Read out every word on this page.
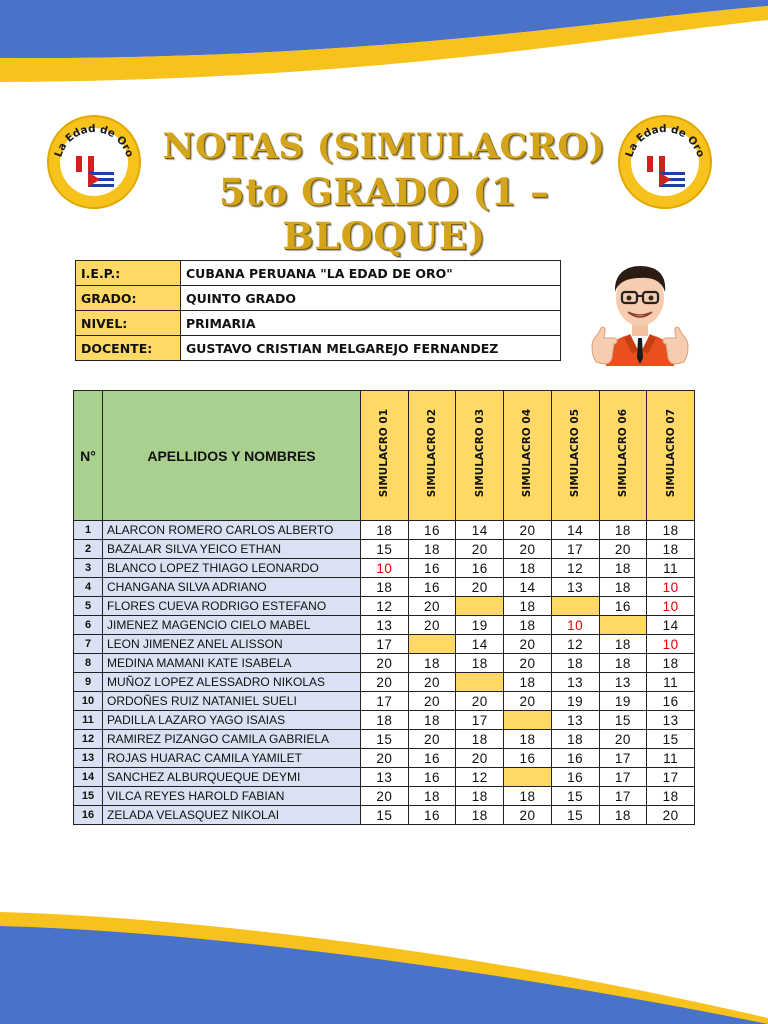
La Edad de Oro	La Edad de Oro
NOTAS (SIMULACRO)
5to GRADO (1 – BLOQUE)
I.E.P.:	CUBANA PERUANA "LA EDAD DE ORO"
GRADO:	QUINTO GRADO
NIVEL:	PRIMARIA
DOCENTE:	GUSTAVO CRISTIAN MELGAREJO FERNANDEZ
N°	APELLIDOS Y NOMBRES	SIMULACRO 01	SIMULACRO 02	SIMULACRO 03	SIMULACRO 04	SIMULACRO 05	SIMULACRO 06	SIMULACRO 07
1	ALARCON ROMERO CARLOS ALBERTO	18	16	14	20	14	18	18
2	BAZALAR SILVA YEICO ETHAN	15	18	20	20	17	20	18
3	BLANCO LOPEZ THIAGO LEONARDO	10	16	16	18	12	18	11
4	CHANGANA SILVA ADRIANO	18	16	20	14	13	18	10
5	FLORES CUEVA RODRIGO ESTEFANO	12	20		18		16	10
6	JIMENEZ MAGENCIO CIELO MABEL	13	20	19	18	10		14
7	LEON JIMENEZ ANEL ALISSON	17		14	20	12	18	10
8	MEDINA MAMANI KATE ISABELA	20	18	18	20	18	18	18
9	MUÑOZ LOPEZ ALESSADRO NIKOLAS	20	20		18	13	13	11
10	ORDOÑES RUIZ NATANIEL SUELI	17	20	20	20	19	19	16
11	PADILLA LAZARO YAGO ISAIAS	18	18	17		13	15	13
12	RAMIREZ PIZANGO CAMILA GABRIELA	15	20	18	18	18	20	15
13	ROJAS HUARAC CAMILA YAMILET	20	16	20	16	16	17	11
14	SANCHEZ ALBURQUEQUE DEYMI	13	16	12		16	17	17
15	VILCA REYES HAROLD FABIAN	20	18	18	18	15	17	18
16	ZELADA VELASQUEZ NIKOLAI	15	16	18	20	15	18	20
